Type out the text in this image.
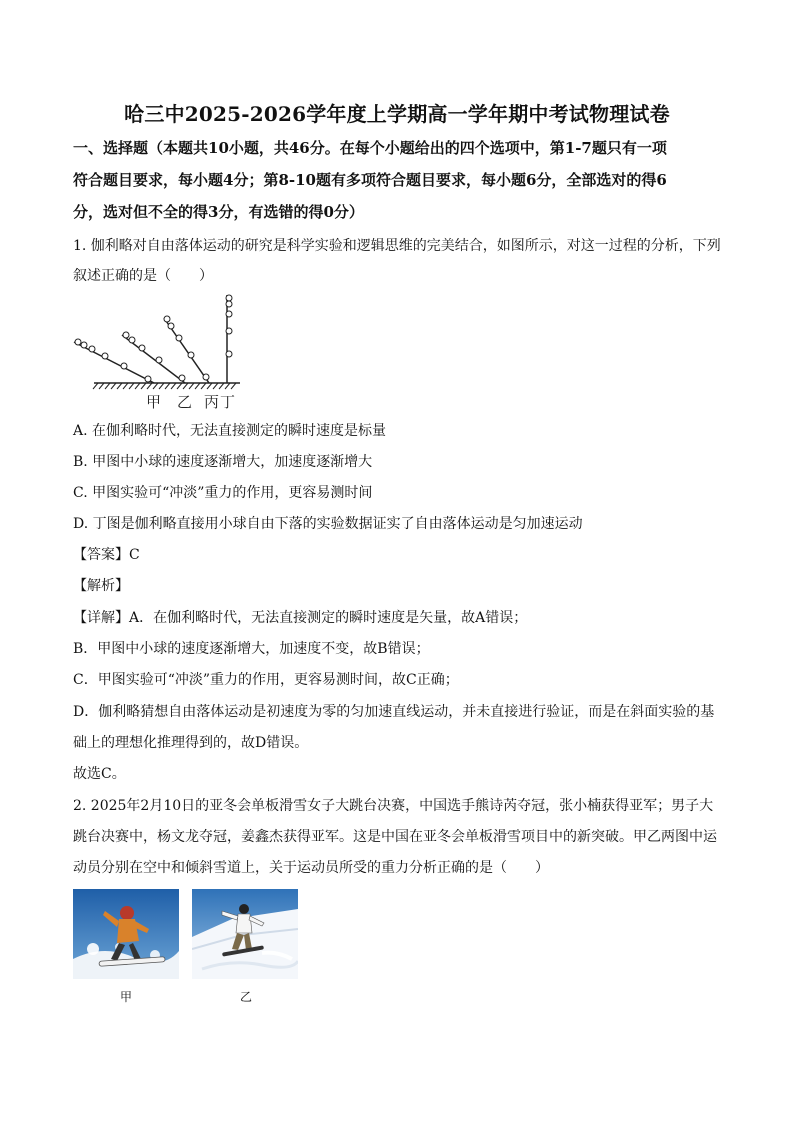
哈三中2025-2026学年度上学期高一学年期中考试物理试卷
一、选择题（本题共10小题，共46分。在每个小题给出的四个选项中，第1-7题只有一项
符合题目要求，每小题4分；第8-10题有多项符合题目要求，每小题6分，全部选对的得6
分，选对但不全的得3分，有选错的得0分）
1. 伽利略对自由落体运动的研究是科学实验和逻辑思维的完美结合，如图所示，对这一过程的分析，下列
叙述正确的是（　　）
甲 乙 丙 丁
A. 在伽利略时代，无法直接测定的瞬时速度是标量
B. 甲图中小球的速度逐渐增大，加速度逐渐增大
C. 甲图实验可“冲淡”重力的作用，更容易测时间
D. 丁图是伽利略直接用小球自由下落的实验数据证实了自由落体运动是匀加速运动
【答案】C
【解析】
【详解】A．在伽利略时代，无法直接测定的瞬时速度是矢量，故A错误；
B．甲图中小球的速度逐渐增大，加速度不变，故B错误；
C．甲图实验可“冲淡”重力的作用，更容易测时间，故C正确；
D．伽利略猜想自由落体运动是初速度为零的匀加速直线运动，并未直接进行验证，而是在斜面实验的基
础上的理想化推理得到的，故D错误。
故选C。
2. 2025年2月10日的亚冬会单板滑雪女子大跳台决赛，中国选手熊诗芮夺冠，张小楠获得亚军；男子大
跳台决赛中，杨文龙夺冠，姜鑫杰获得亚军。这是中国在亚冬会单板滑雪项目中的新突破。甲乙两图中运
动员分别在空中和倾斜雪道上，关于运动员所受的重力分析正确的是（　　）
甲	乙
